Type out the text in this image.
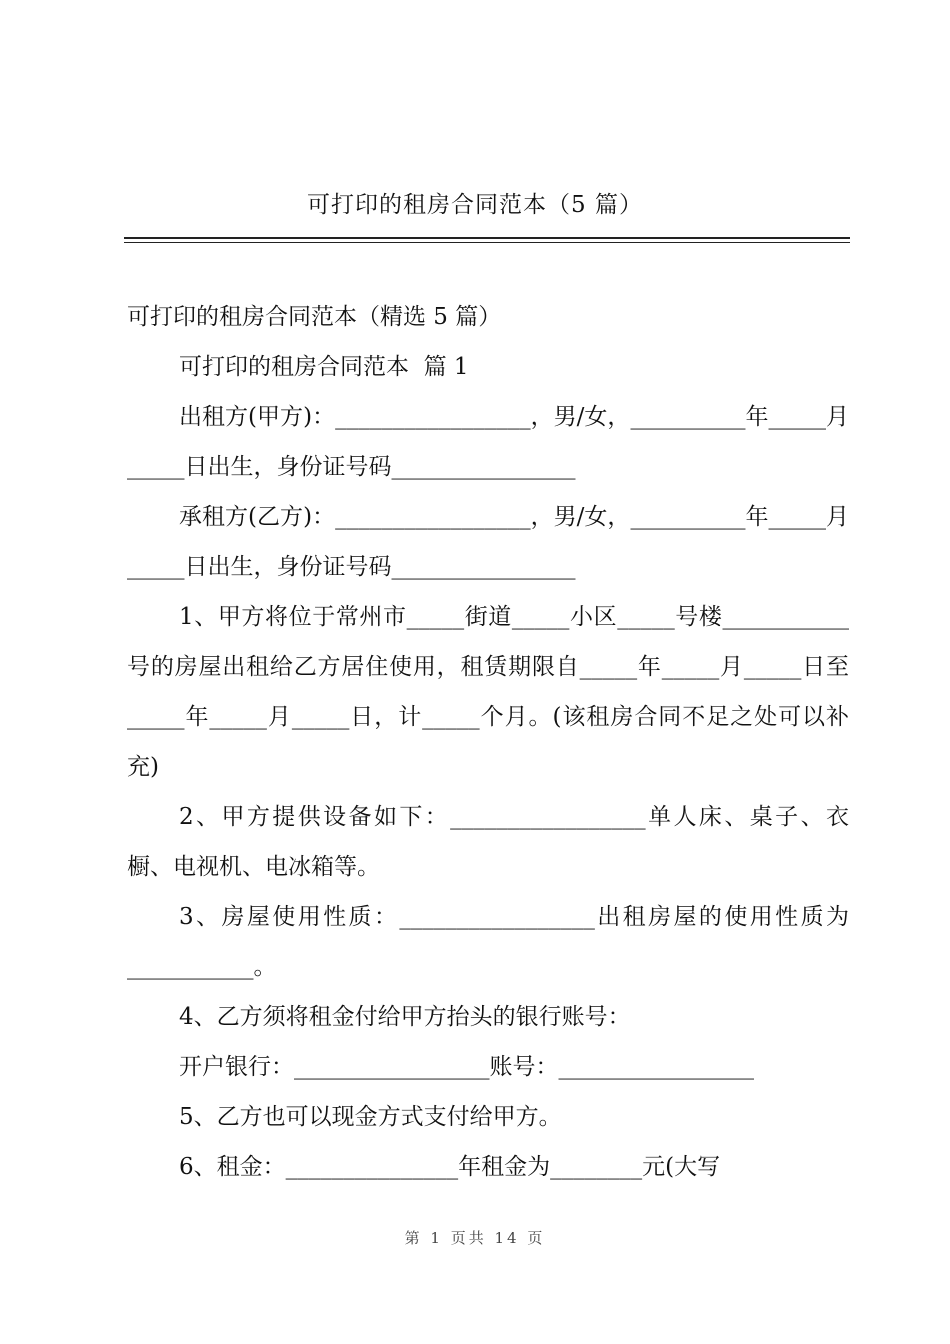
可打印的租房合同范本（5 篇）

可打印的租房合同范本（精选 5 篇）

可打印的租房合同范本  篇 1

出租方(甲方)：_________________，男/女，__________年_____月_____日出生，身份证号码________________

承租方(乙方)：_________________，男/女，__________年_____月_____日出生，身份证号码________________

1、甲方将位于常州市_____街道_____小区_____号楼___________号的房屋出租给乙方居住使用，租赁期限自_____年_____月_____日至_____年_____月_____日，计_____个月。(该租房合同不足之处可以补充)

2、甲方提供设备如下：_________________单人床、桌子、衣橱、电视机、电冰箱等。

3、房屋使用性质：_________________出租房屋的使用性质为___________。

4、乙方须将租金付给甲方抬头的银行账号：

开户银行：_________________账号：_________________

5、乙方也可以现金方式支付给甲方。

6、租金：_______________年租金为________元(大写

第 1 页共 14 页
